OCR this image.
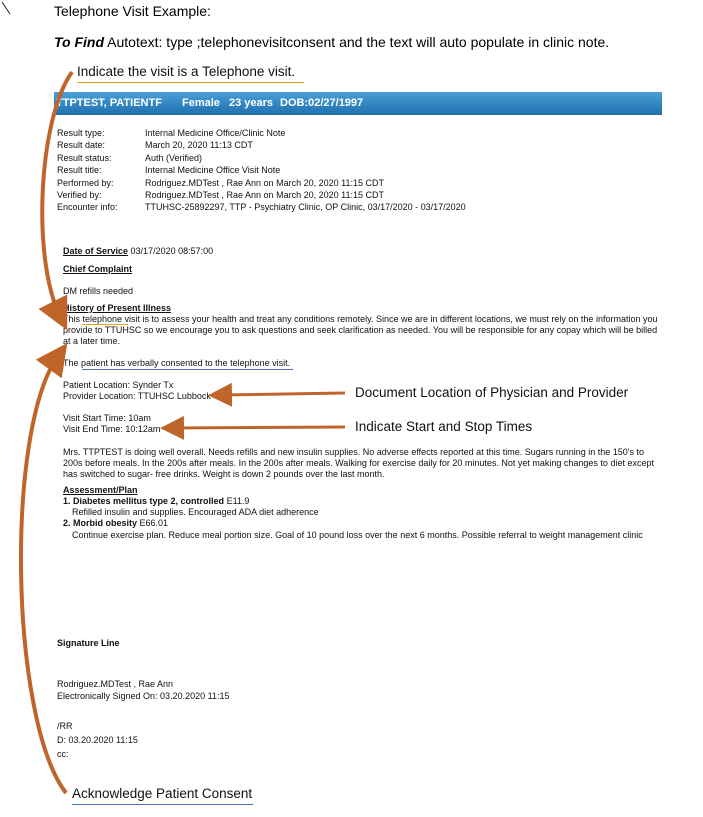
Telephone Visit Example:
To Find Autotext: type ;telephonevisitconsent and the text will auto populate in clinic note.
Indicate the visit is a Telephone visit.
TTPTEST, PATIENTF Female 23 years DOB:02/27/1997
Result type:	Internal Medicine Office/Clinic Note
Result date:	March 20, 2020 11:13 CDT
Result status:	Auth (Verified)
Result title:	Internal Medicine Office Visit Note
Performed by:	Rodriguez.MDTest , Rae Ann on March 20, 2020 11:15 CDT
Verified by:	Rodriguez.MDTest , Rae Ann on March 20, 2020 11:15 CDT
Encounter info:	TTUHSC-25892297, TTP - Psychiatry Clinic, OP Clinic, 03/17/2020 - 03/17/2020
Date of Service 03/17/2020 08:57:00
Chief Complaint
DM refills needed
History of Present Illness
This telephone visit is to assess your health and treat any conditions remotely. Since we are in different locations, we must rely on the information you provide to TTUHSC so we encourage you to ask questions and seek clarification as needed. You will be responsible for any copay which will be billed at a later time.
The patient has verbally consented to the telephone visit.
Patient Location: Synder Tx
Provider Location: TTUHSC Lubbock	Document Location of Physician and Provider
Visit Start Time: 10am
Visit End Time: 10:12am	Indicate Start and Stop Times
Mrs. TTPTEST is doing well overall. Needs refills and new insulin supplies. No adverse effects reported at this time. Sugars running in the 150's to 200s before meals. In the 200s after meals. In the 200s after meals. Walking for exercise daily for 20 minutes. Not yet making changes to diet except has switched to sugar- free drinks. Weight is down 2 pounds over the last month.
Assessment/Plan
1. Diabetes mellitus type 2, controlled E11.9
Refilled insulin and supplies. Encouraged ADA diet adherence
2. Morbid obesity E66.01
Continue exercise plan. Reduce meal portion size. Goal of 10 pound loss over the next 6 months. Possible referral to weight management clinic
Signature Line
Rodriguez.MDTest , Rae Ann
Electronically Signed On: 03.20.2020 11:15
/RR
D: 03.20.2020 11:15
cc:
Acknowledge Patient Consent
